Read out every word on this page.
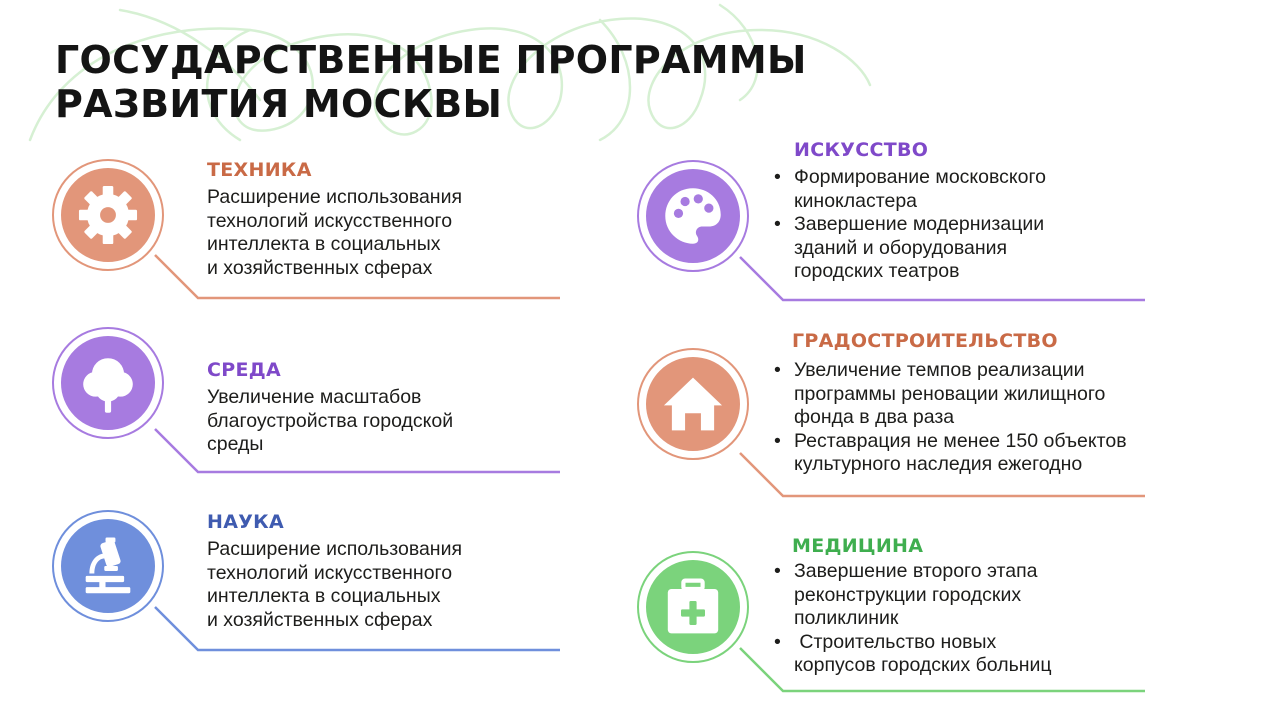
ГОСУДАРСТВЕННЫЕ ПРОГРАММЫ
РАЗВИТИЯ МОСКВЫ
ТЕХНИКА
Расширение использования
технологий искусственного
интеллекта в социальных
и хозяйственных сферах
СРЕДА
Увеличение масштабов
благоустройства городской
среды
НАУКА
Расширение использования
технологий искусственного
интеллекта в социальных
и хозяйственных сферах
ИСКУССТВО
• Формирование московского
кинокластера
• Завершение модернизации
зданий и оборудования
городских театров
ГРАДОСТРОИТЕЛЬСТВО
• Увеличение темпов реализации
программы реновации жилищного
фонда в два раза
• Реставрация не менее 150 объектов
культурного наследия ежегодно
МЕДИЦИНА
• Завершение второго этапа
реконструкции городских
поликлиник
•  Строительство новых
корпусов городских больниц
